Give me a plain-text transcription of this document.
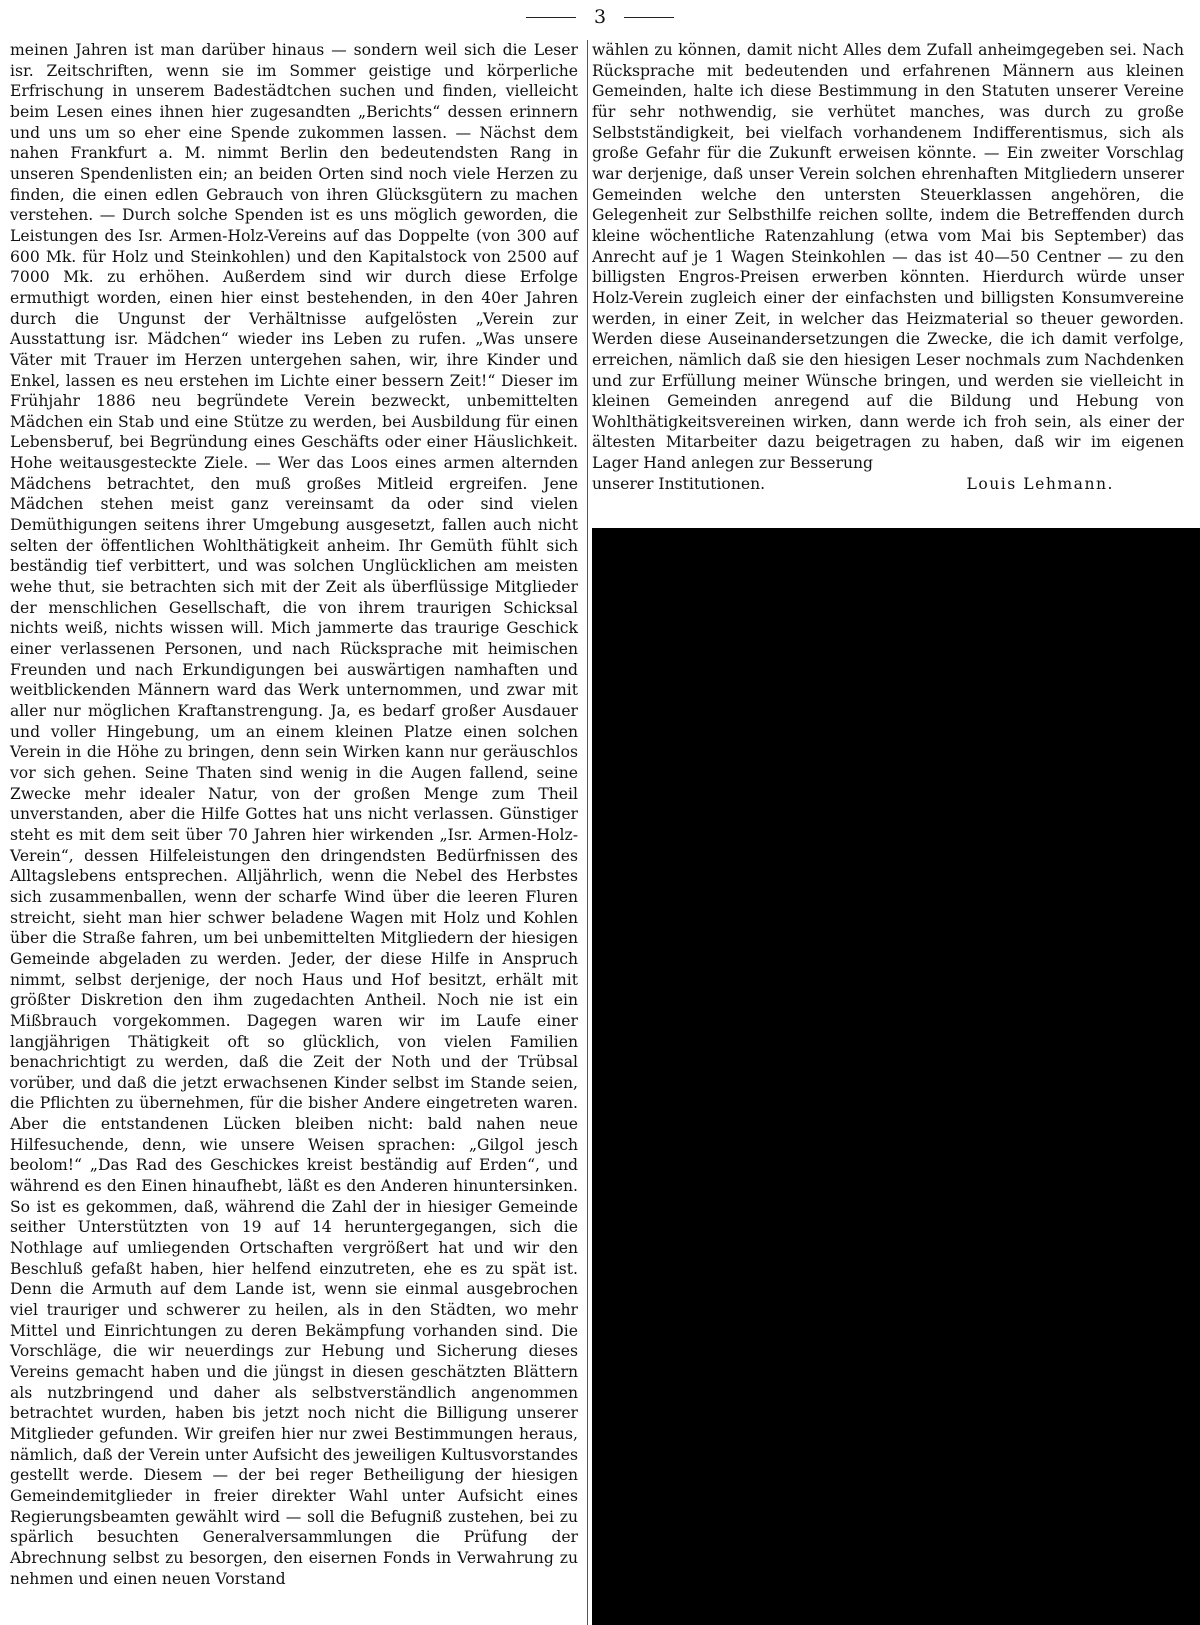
3

meinen Jahren ist man darüber hinaus — sondern weil sich die Leser isr. Zeitschriften, wenn sie im Sommer geistige und körperliche Erfrischung in unserem Badestädtchen suchen und finden, vielleicht beim Lesen eines ihnen hier zugesandten „Berichts“ dessen erinnern und uns um so eher eine Spende zukommen lassen. — Nächst dem nahen Frankfurt a. M. nimmt Berlin den bedeutendsten Rang in unseren Spendenlisten ein; an beiden Orten sind noch viele Herzen zu finden, die einen edlen Gebrauch von ihren Glücksgütern zu machen verstehen. — Durch solche Spenden ist es uns möglich geworden, die Leistungen des Isr. Armen-Holz-Vereins auf das Doppelte (von 300 auf 600 Mk. für Holz und Steinkohlen) und den Kapitalstock von 2500 auf 7000 Mk. zu erhöhen. Außerdem sind wir durch diese Erfolge ermuthigt worden, einen hier einst bestehenden, in den 40er Jahren durch die Ungunst der Verhältnisse aufgelösten „Verein zur Ausstattung isr. Mädchen“ wieder ins Leben zu rufen. „Was unsere Väter mit Trauer im Herzen untergehen sahen, wir, ihre Kinder und Enkel, lassen es neu erstehen im Lichte einer bessern Zeit!“ Dieser im Frühjahr 1886 neu begründete Verein bezweckt, unbemittelten Mädchen ein Stab und eine Stütze zu werden, bei Ausbildung für einen Lebensberuf, bei Begründung eines Geschäfts oder einer Häuslichkeit. Hohe weitausgesteckte Ziele. — Wer das Loos eines armen alternden Mädchens betrachtet, den muß großes Mitleid ergreifen. Jene Mädchen stehen meist ganz vereinsamt da oder sind vielen Demüthigungen seitens ihrer Umgebung ausgesetzt, fallen auch nicht selten der öffentlichen Wohlthätigkeit anheim. Ihr Gemüth fühlt sich beständig tief verbittert, und was solchen Unglücklichen am meisten wehe thut, sie betrachten sich mit der Zeit als überflüssige Mitglieder der menschlichen Gesellschaft, die von ihrem traurigen Schicksal nichts weiß, nichts wissen will. Mich jammerte das traurige Geschick einer verlassenen Personen, und nach Rücksprache mit heimischen Freunden und nach Erkundigungen bei auswärtigen namhaften und weitblickenden Männern ward das Werk unternommen, und zwar mit aller nur möglichen Kraftanstrengung. Ja, es bedarf großer Ausdauer und voller Hingebung, um an einem kleinen Platze einen solchen Verein in die Höhe zu bringen, denn sein Wirken kann nur geräuschlos vor sich gehen. Seine Thaten sind wenig in die Augen fallend, seine Zwecke mehr idealer Natur, von der großen Menge zum Theil unverstanden, aber die Hilfe Gottes hat uns nicht verlassen. Günstiger steht es mit dem seit über 70 Jahren hier wirkenden „Isr. Armen-Holz-Verein“, dessen Hilfeleistungen den dringendsten Bedürfnissen des Alltagslebens entsprechen. Alljährlich, wenn die Nebel des Herbstes sich zusammenballen, wenn der scharfe Wind über die leeren Fluren streicht, sieht man hier schwer beladene Wagen mit Holz und Kohlen über die Straße fahren, um bei unbemittelten Mitgliedern der hiesigen Gemeinde abgeladen zu werden. Jeder, der diese Hilfe in Anspruch nimmt, selbst derjenige, der noch Haus und Hof besitzt, erhält mit größter Diskretion den ihm zugedachten Antheil. Noch nie ist ein Mißbrauch vorgekommen. Dagegen waren wir im Laufe einer langjährigen Thätigkeit oft so glücklich, von vielen Familien benachrichtigt zu werden, daß die Zeit der Noth und der Trübsal vorüber, und daß die jetzt erwachsenen Kinder selbst im Stande seien, die Pflichten zu übernehmen, für die bisher Andere eingetreten waren. Aber die entstandenen Lücken bleiben nicht: bald nahen neue Hilfesuchende, denn, wie unsere Weisen sprachen: „Gilgol jesch beolom!“ „Das Rad des Geschickes kreist beständig auf Erden“, und während es den Einen hinaufhebt, läßt es den Anderen hinuntersinken. So ist es gekommen, daß, während die Zahl der in hiesiger Gemeinde seither Unterstützten von 19 auf 14 heruntergegangen, sich die Nothlage auf umliegenden Ortschaften vergrößert hat und wir den Beschluß gefaßt haben, hier helfend einzutreten, ehe es zu spät ist. Denn die Armuth auf dem Lande ist, wenn sie einmal ausgebrochen viel trauriger und schwerer zu heilen, als in den Städten, wo mehr Mittel und Einrichtungen zu deren Bekämpfung vorhanden sind. Die Vorschläge, die wir neuerdings zur Hebung und Sicherung dieses Vereins gemacht haben und die jüngst in diesen geschätzten Blättern als nutzbringend und daher als selbstverständlich angenommen betrachtet wurden, haben bis jetzt noch nicht die Billigung unserer Mitglieder gefunden. Wir greifen hier nur zwei Bestimmungen heraus, nämlich, daß der Verein unter Aufsicht des jeweiligen Kultusvorstandes gestellt werde. Diesem — der bei reger Betheiligung der hiesigen Gemeindemitglieder in freier direkter Wahl unter Aufsicht eines Regierungsbeamten gewählt wird — soll die Befugniß zustehen, bei zu spärlich besuchten Generalversammlungen die Prüfung der Abrechnung selbst zu besorgen, den eisernen Fonds in Verwahrung zu nehmen und einen neuen Vorstand

wählen zu können, damit nicht Alles dem Zufall anheimgegeben sei. Nach Rücksprache mit bedeutenden und erfahrenen Männern aus kleinen Gemeinden, halte ich diese Bestimmung in den Statuten unserer Vereine für sehr nothwendig, sie verhütet manches, was durch zu große Selbstständigkeit, bei vielfach vorhandenem Indifferentismus, sich als große Gefahr für die Zukunft erweisen könnte. — Ein zweiter Vorschlag war derjenige, daß unser Verein solchen ehrenhaften Mitgliedern unserer Gemeinden welche den untersten Steuerklassen angehören, die Gelegenheit zur Selbsthilfe reichen sollte, indem die Betreffenden durch kleine wöchentliche Ratenzahlung (etwa vom Mai bis September) das Anrecht auf je 1 Wagen Steinkohlen — das ist 40—50 Centner — zu den billigsten Engros-Preisen erwerben könnten. Hierdurch würde unser Holz-Verein zugleich einer der einfachsten und billigsten Konsumvereine werden, in einer Zeit, in welcher das Heizmaterial so theuer geworden. Werden diese Auseinandersetzungen die Zwecke, die ich damit verfolge, erreichen, nämlich daß sie den hiesigen Leser nochmals zum Nachdenken und zur Erfüllung meiner Wünsche bringen, und werden sie vielleicht in kleinen Gemeinden anregend auf die Bildung und Hebung von Wohlthätigkeitsvereinen wirken, dann werde ich froh sein, als einer der ältesten Mitarbeiter dazu beigetragen zu haben, daß wir im eigenen Lager Hand anlegen zur Besserung

unserer Institutionen.	Louis Lehmann.
